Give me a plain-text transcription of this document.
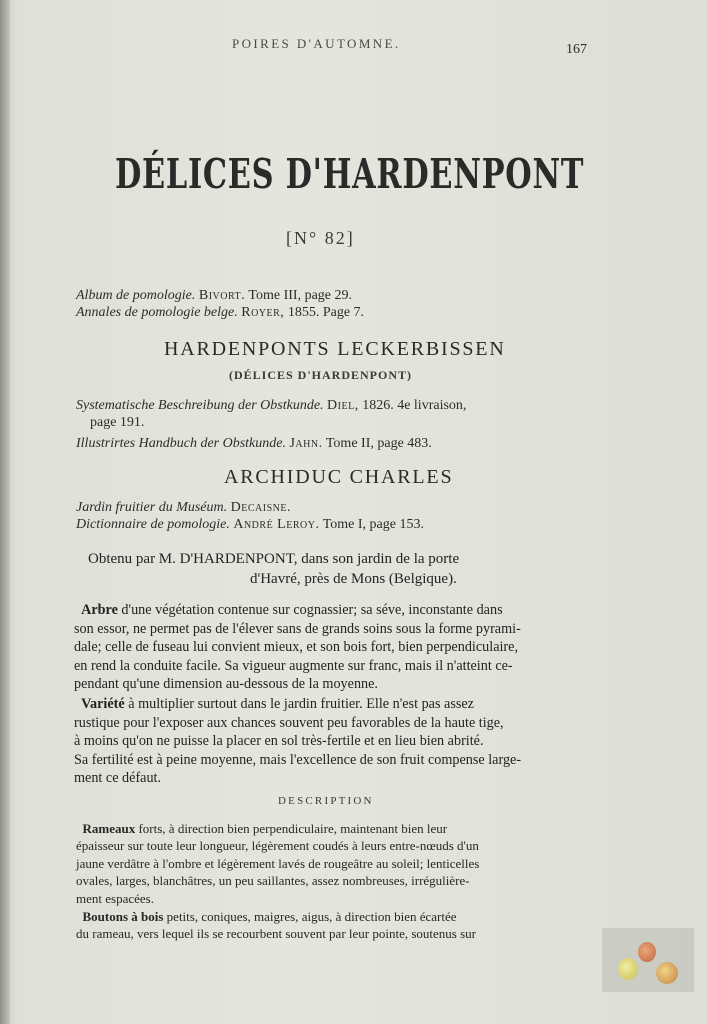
POIRES D'AUTOMNE.	167
DÉLICES D'HARDENPONT
[N° 82]
Album de pomologie. Bivort. Tome III, page 29.
Annales de pomologie belge. Royer, 1855. Page 7.
HARDENPONTS LECKERBISSEN
(DÉLICES D'HARDENPONT)
Systematische Beschreibung der Obstkunde. Diel, 1826. 4e livraison,
page 191.
Illustrirtes Handbuch der Obstkunde. Jahn. Tome II, page 483.
ARCHIDUC CHARLES
Jardin fruitier du Muséum. Decaisne.
Dictionnaire de pomologie. André Leroy. Tome I, page 153.
Obtenu par M. D'HARDENPONT, dans son jardin de la porte
d'Havré, près de Mons (Belgique).
Arbre d'une végétation contenue sur cognassier; sa séve, inconstante dans
son essor, ne permet pas de l'élever sans de grands soins sous la forme pyrami-
dale; celle de fuseau lui convient mieux, et son bois fort, bien perpendiculaire,
en rend la conduite facile. Sa vigueur augmente sur franc, mais il n'atteint ce-
pendant qu'une dimension au-dessous de la moyenne.
Variété à multiplier surtout dans le jardin fruitier. Elle n'est pas assez
rustique pour l'exposer aux chances souvent peu favorables de la haute tige,
à moins qu'on ne puisse la placer en sol très-fertile et en lieu bien abrité.
Sa fertilité est à peine moyenne, mais l'excellence de son fruit compense large-
ment ce défaut.
DESCRIPTION
Rameaux forts, à direction bien perpendiculaire, maintenant bien leur
épaisseur sur toute leur longueur, légèrement coudés à leurs entre-nœuds d'un
jaune verdâtre à l'ombre et légèrement lavés de rougeâtre au soleil; lenticelles
ovales, larges, blanchâtres, un peu saillantes, assez nombreuses, irrégulière-
ment espacées.
Boutons à bois petits, coniques, maigres, aigus, à direction bien écartée
du rameau, vers lequel ils se recourbent souvent par leur pointe, soutenus sur
